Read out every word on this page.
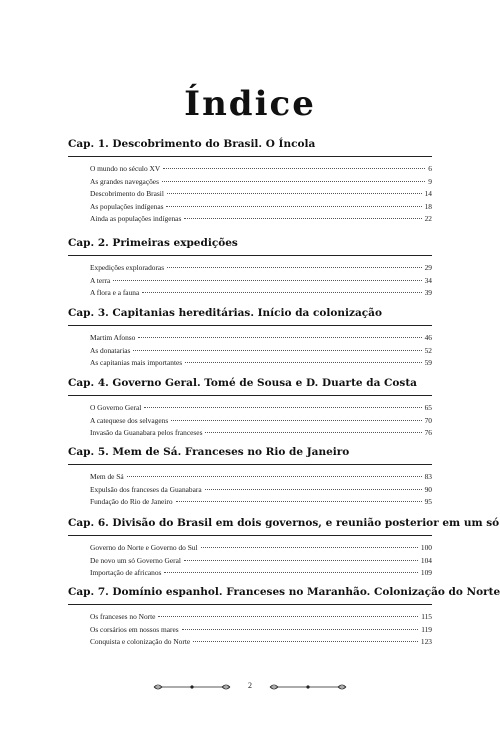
Índice
Cap. 1. Descobrimento do Brasil. O Íncola
O mundo no século XV	6
As grandes navegações	9
Descobrimento do Brasil	14
As populações indígenas	18
Ainda as populações indígenas	22
Cap. 2. Primeiras expedições
Expedições exploradoras	29
A terra	34
A flora e a fauna	39
Cap. 3. Capitanias hereditárias. Início da colonização
Martim Afonso	46
As donatarias	52
As capitanias mais importantes	59
Cap. 4. Governo Geral. Tomé de Sousa e D. Duarte da Costa
O Governo Geral	65
A catequese dos selvagens	70
Invasão da Guanabara pelos franceses	76
Cap. 5. Mem de Sá. Franceses no Rio de Janeiro
Mem de Sá	83
Expulsão dos franceses da Guanabara	90
Fundação do Rio de Janeiro	95
Cap. 6. Divisão do Brasil em dois governos, e reunião posterior em um só
Governo do Norte e Governo do Sul	100
De novo um só Governo Geral	104
Importação de africanos	109
Cap. 7. Domínio espanhol. Franceses no Maranhão. Colonização do Norte
Os franceses no Norte	115
Os corsários em nossos mares	119
Conquista e colonização do Norte	123
2
